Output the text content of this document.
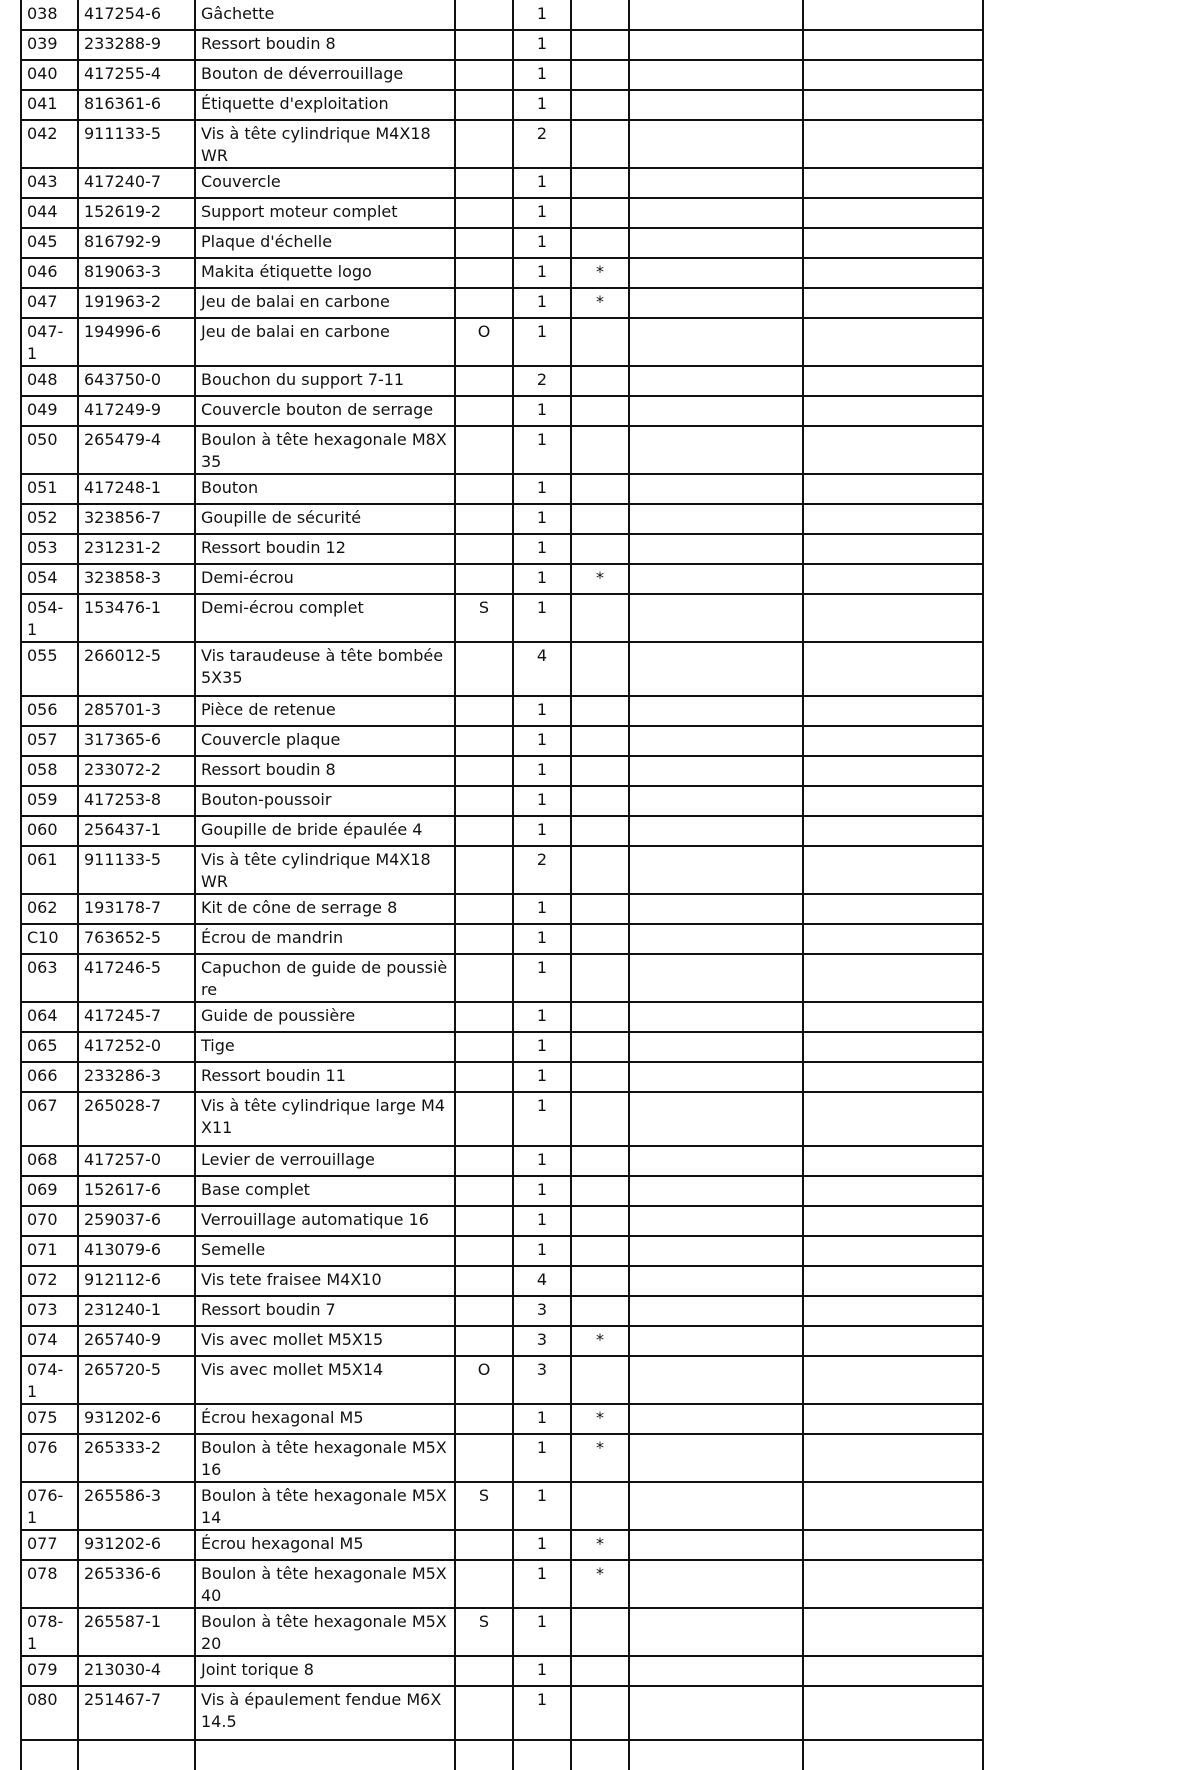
038	417254-6	Gâchette		1			
039	233288-9	Ressort boudin 8		1			
040	417255-4	Bouton de déverrouillage		1			
041	816361-6	Étiquette d'exploitation		1			
042	911133-5	Vis à tête cylindrique M4X18 WR		2			
043	417240-7	Couvercle		1			
044	152619-2	Support moteur complet		1			
045	816792-9	Plaque d'échelle		1			
046	819063-3	Makita étiquette logo		1	*		
047	191963-2	Jeu de balai en carbone		1	*		
047-1	194996-6	Jeu de balai en carbone	O	1			
048	643750-0	Bouchon du support 7-11		2			
049	417249-9	Couvercle bouton de serrage		1			
050	265479-4	Boulon à tête hexagonale M8X35		1			
051	417248-1	Bouton		1			
052	323856-7	Goupille de sécurité		1			
053	231231-2	Ressort boudin 12		1			
054	323858-3	Demi-écrou		1	*		
054-1	153476-1	Demi-écrou complet	S	1			
055	266012-5	Vis taraudeuse à tête bombée 5X35		4			
056	285701-3	Pièce de retenue		1			
057	317365-6	Couvercle plaque		1			
058	233072-2	Ressort boudin 8		1			
059	417253-8	Bouton-poussoir		1			
060	256437-1	Goupille de bride épaulée 4		1			
061	911133-5	Vis à tête cylindrique M4X18 WR		2			
062	193178-7	Kit de cône de serrage 8		1			
C10	763652-5	Écrou de mandrin		1			
063	417246-5	Capuchon de guide de poussière		1			
064	417245-7	Guide de poussière		1			
065	417252-0	Tige		1			
066	233286-3	Ressort boudin 11		1			
067	265028-7	Vis à tête cylindrique large M4X11		1			
068	417257-0	Levier de verrouillage		1			
069	152617-6	Base complet		1			
070	259037-6	Verrouillage automatique 16		1			
071	413079-6	Semelle		1			
072	912112-6	Vis tete fraisee M4X10		4			
073	231240-1	Ressort boudin 7		3			
074	265740-9	Vis avec mollet M5X15		3	*		
074-1	265720-5	Vis avec mollet M5X14	O	3			
075	931202-6	Écrou hexagonal M5		1	*		
076	265333-2	Boulon à tête hexagonale M5X16		1	*		
076-1	265586-3	Boulon à tête hexagonale M5X14	S	1			
077	931202-6	Écrou hexagonal M5		1	*		
078	265336-6	Boulon à tête hexagonale M5X40		1	*		
078-1	265587-1	Boulon à tête hexagonale M5X20	S	1			
079	213030-4	Joint torique 8		1			
080	251467-7	Vis à épaulement fendue M6X14.5		1			
